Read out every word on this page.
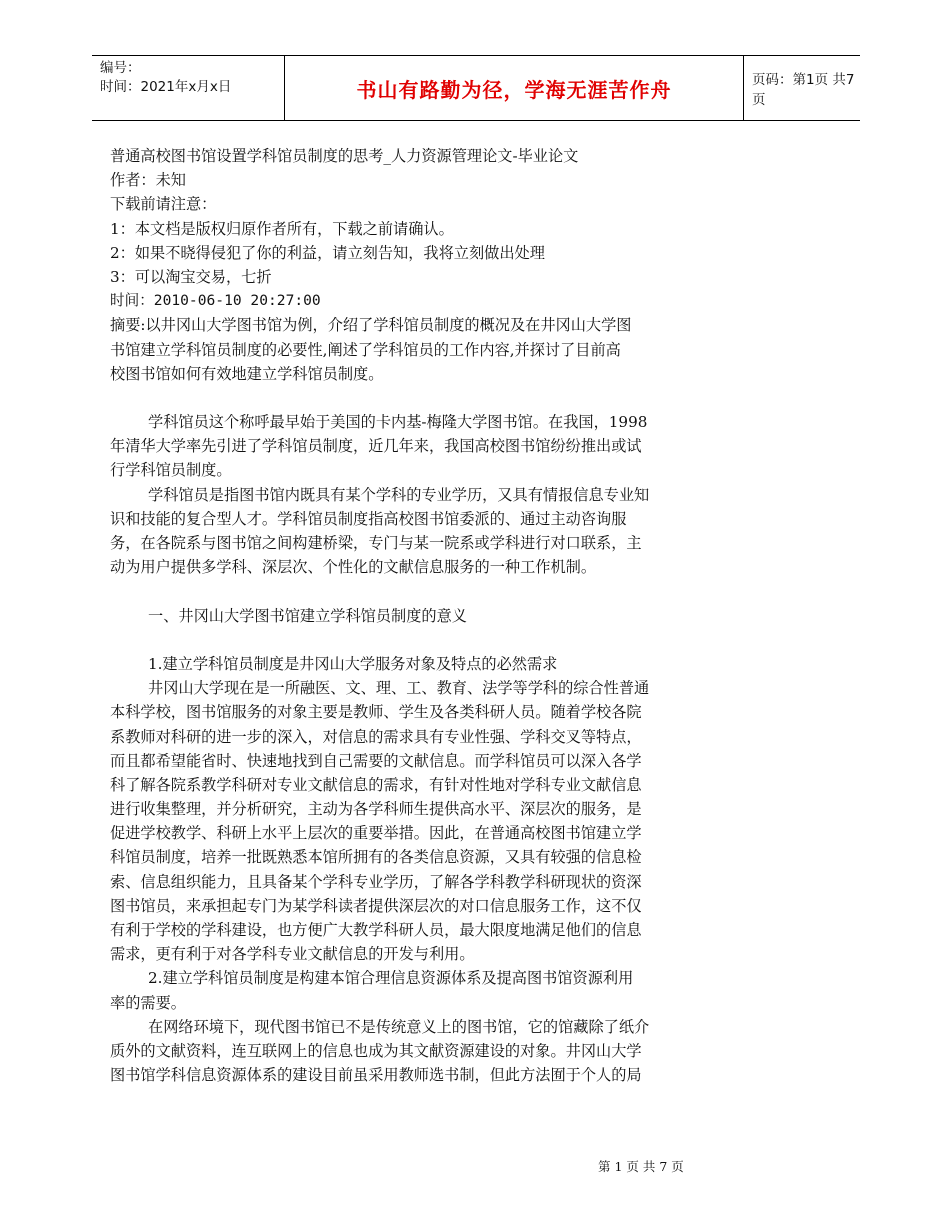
编号：
时间：2021年x月x日	书山有路勤为径，学海无涯苦作舟	页码：第1页 共7页
普通高校图书馆设置学科馆员制度的思考_人力资源管理论文-毕业论文
作者：未知
下载前请注意：
1：本文档是版权归原作者所有，下载之前请确认。
2：如果不晓得侵犯了你的利益，请立刻告知，我将立刻做出处理
3：可以淘宝交易，七折
时间：2010-06-10 20:27:00
摘要:以井冈山大学图书馆为例，介绍了学科馆员制度的概况及在井冈山大学图
书馆建立学科馆员制度的必要性,阐述了学科馆员的工作内容,并探讨了目前高
校图书馆如何有效地建立学科馆员制度。
学科馆员这个称呼最早始于美国的卡内基-梅隆大学图书馆。在我国，1998
年清华大学率先引进了学科馆员制度，近几年来，我国高校图书馆纷纷推出或试
行学科馆员制度。
学科馆员是指图书馆内既具有某个学科的专业学历，又具有情报信息专业知
识和技能的复合型人才。学科馆员制度指高校图书馆委派的、通过主动咨询服
务，在各院系与图书馆之间构建桥梁，专门与某一院系或学科进行对口联系，主
动为用户提供多学科、深层次、个性化的文献信息服务的一种工作机制。
一、井冈山大学图书馆建立学科馆员制度的意义
1.建立学科馆员制度是井冈山大学服务对象及特点的必然需求
井冈山大学现在是一所融医、文、理、工、教育、法学等学科的综合性普通
本科学校，图书馆服务的对象主要是教师、学生及各类科研人员。随着学校各院
系教师对科研的进一步的深入，对信息的需求具有专业性强、学科交叉等特点，
而且都希望能省时、快速地找到自己需要的文献信息。而学科馆员可以深入各学
科了解各院系教学科研对专业文献信息的需求，有针对性地对学科专业文献信息
进行收集整理，并分析研究，主动为各学科师生提供高水平、深层次的服务，是
促进学校教学、科研上水平上层次的重要举措。因此，在普通高校图书馆建立学
科馆员制度，培养一批既熟悉本馆所拥有的各类信息资源，又具有较强的信息检
索、信息组织能力，且具备某个学科专业学历，了解各学科教学科研现状的资深
图书馆员，来承担起专门为某学科读者提供深层次的对口信息服务工作，这不仅
有利于学校的学科建设，也方便广大教学科研人员，最大限度地满足他们的信息
需求，更有利于对各学科专业文献信息的开发与利用。
2.建立学科馆员制度是构建本馆合理信息资源体系及提高图书馆资源利用
率的需要。
在网络环境下，现代图书馆已不是传统意义上的图书馆，它的馆藏除了纸介
质外的文献资料，连互联网上的信息也成为其文献资源建设的对象。井冈山大学
图书馆学科信息资源体系的建设目前虽采用教师选书制，但此方法囿于个人的局
第 1 页 共 7 页
